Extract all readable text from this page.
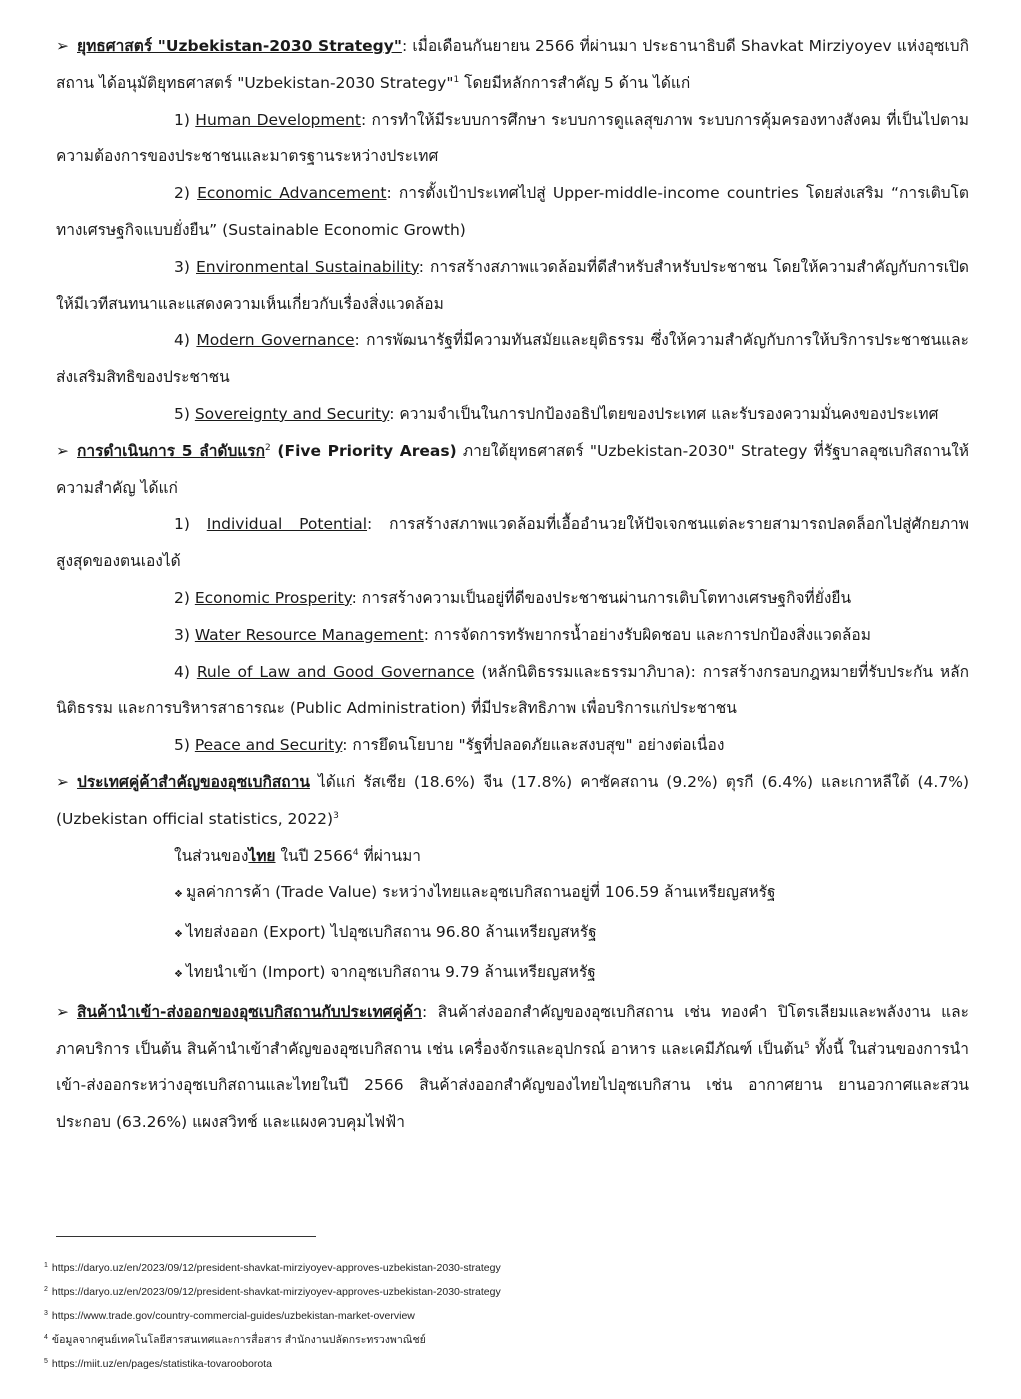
➢ ยุทธศาสตร์ "Uzbekistan-2030 Strategy": เมื่อเดือนกันยายน 2566 ที่ผ่านมา ประธานาธิบดี Shavkat Mirziyoyev แห่งอุซเบกิสถาน ได้อนุมัติยุทธศาสตร์ "Uzbekistan-2030 Strategy"$^1$ โดยมีหลักการสำคัญ 5 ด้าน ได้แก่

1) Human Development: การทำให้มีระบบการศึกษา ระบบการดูแลสุขภาพ ระบบการคุ้มครองทางสังคม ที่เป็นไปตามความต้องการของประชาชนและมาตรฐานระหว่างประเทศ

2) Economic Advancement: การตั้งเป้าประเทศไปสู่ Upper-middle-income countries โดยส่งเสริม “การเติบโตทางเศรษฐกิจแบบยั่งยืน” (Sustainable Economic Growth)

3) Environmental Sustainability: การสร้างสภาพแวดล้อมที่ดีสำหรับสำหรับประชาชน โดยให้ความสำคัญกับการเปิดให้มีเวทีสนทนาและแสดงความเห็นเกี่ยวกับเรื่องสิ่งแวดล้อม

4) Modern Governance: การพัฒนารัฐที่มีความทันสมัยและยุติธรรม ซึ่งให้ความสำคัญกับการให้บริการประชาชนและส่งเสริมสิทธิของประชาชน

5) Sovereignty and Security: ความจำเป็นในการปกป้องอธิปไตยของประเทศ และรับรองความมั่นคงของประเทศ

➢ การดำเนินการ 5 ลำดับแรก$^2$ (Five Priority Areas) ภายใต้ยุทธศาสตร์ "Uzbekistan-2030" Strategy ที่รัฐบาลอุซเบกิสถานให้ความสำคัญ ได้แก่

1) Individual Potential: การสร้างสภาพแวดล้อมที่เอื้ออำนวยให้ปัจเจกชนแต่ละรายสามารถปลดล็อกไปสู่ศักยภาพสูงสุดของตนเองได้

2) Economic Prosperity: การสร้างความเป็นอยู่ที่ดีของประชาชนผ่านการเติบโตทางเศรษฐกิจที่ยั่งยืน

3) Water Resource Management: การจัดการทรัพยากรน้ำอย่างรับผิดชอบ และการปกป้องสิ่งแวดล้อม

4) Rule of Law and Good Governance (หลักนิติธรรมและธรรมาภิบาล): การสร้างกรอบกฎหมายที่รับประกัน หลักนิติธรรม และการบริหารสาธารณะ (Public Administration) ที่มีประสิทธิภาพ เพื่อบริการแก่ประชาชน

5) Peace and Security: การยึดนโยบาย "รัฐที่ปลอดภัยและสงบสุข" อย่างต่อเนื่อง

➢ ประเทศคู่ค้าสำคัญของอุซเบกิสถาน ได้แก่ รัสเซีย (18.6%) จีน (17.8%) คาซัคสถาน (9.2%) ตุรกี (6.4%) และเกาหลีใต้ (4.7%) (Uzbekistan official statistics, 2022)$^3$

ในส่วนของไทย ในปี 2566$^4$ ที่ผ่านมา

❖ มูลค่าการค้า (Trade Value) ระหว่างไทยและอุซเบกิสถานอยู่ที่ 106.59 ล้านเหรียญสหรัฐ

❖ ไทยส่งออก (Export) ไปอุซเบกิสถาน 96.80 ล้านเหรียญสหรัฐ

❖ ไทยนำเข้า (Import) จากอุซเบกิสถาน 9.79 ล้านเหรียญสหรัฐ

➢ สินค้านำเข้า-ส่งออกของอุซเบกิสถานกับประเทศคู่ค้า: สินค้าส่งออกสำคัญของอุซเบกิสถาน เช่น ทองคำ ปิโตรเลียมและพลังงาน และภาคบริการ เป็นต้น สินค้านำเข้าสำคัญของอุซเบกิสถาน เช่น เครื่องจักรและอุปกรณ์ อาหาร และเคมีภัณฑ์ เป็นต้น$^5$ ทั้งนี้ ในส่วนของการนำเข้า-ส่งออกระหว่างอุซเบกิสถานและไทยในปี 2566 สินค้าส่งออกสำคัญของไทยไปอุซเบกิสาน เช่น อากาศยาน ยานอวกาศและสวนประกอบ (63.26%) แผงสวิทช์ และแผงควบคุมไฟฟ้า

$^1$ https://daryo.uz/en/2023/09/12/president-shavkat-mirziyoyev-approves-uzbekistan-2030-strategy
$^2$ https://daryo.uz/en/2023/09/12/president-shavkat-mirziyoyev-approves-uzbekistan-2030-strategy
$^3$ https://www.trade.gov/country-commercial-guides/uzbekistan-market-overview
$^4$ ข้อมูลจากศูนย์เทคโนโลยีสารสนเทศและการสื่อสาร สำนักงานปลัดกระทรวงพาณิชย์
$^5$ https://miit.uz/en/pages/statistika-tovarooborota
